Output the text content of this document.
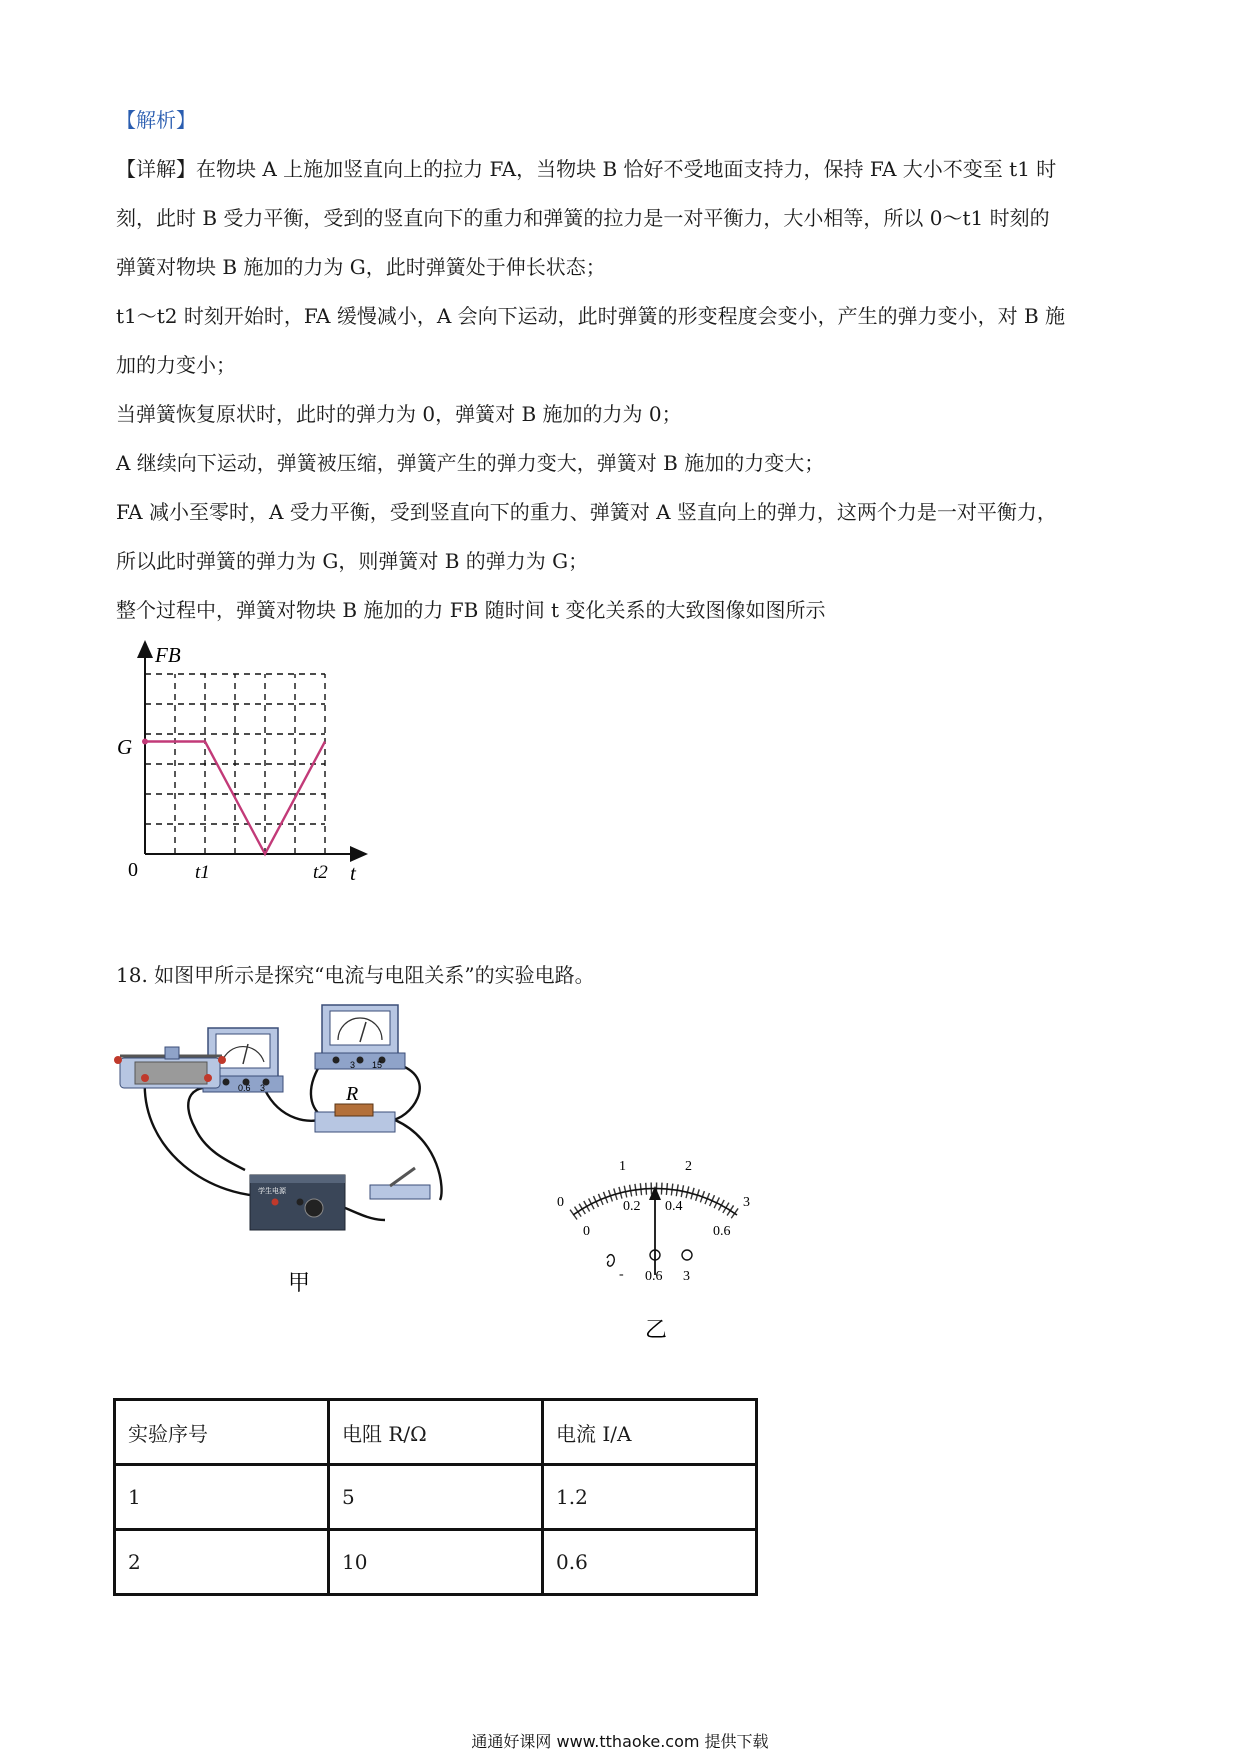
【解析】
【详解】在物块 A 上施加竖直向上的拉力 FA，当物块 B 恰好不受地面支持力，保持 FA 大小不变至 t1 时
刻，此时 B 受力平衡，受到的竖直向下的重力和弹簧的拉力是一对平衡力，大小相等，所以 0～t1 时刻的
弹簧对物块 B 施加的力为 G，此时弹簧处于伸长状态；
t1～t2 时刻开始时，FA 缓慢减小，A 会向下运动，此时弹簧的形变程度会变小，产生的弹力变小，对 B 施
加的力变小；
当弹簧恢复原状时，此时的弹力为 0，弹簧对 B 施加的力为 0；
A 继续向下运动，弹簧被压缩，弹簧产生的弹力变大，弹簧对 B 施加的力变大；
FA 减小至零时，A 受力平衡，受到竖直向下的重力、弹簧对 A 竖直向上的弹力，这两个力是一对平衡力，
所以此时弹簧的弹力为 G，则弹簧对 B 的弹力为 G；
整个过程中，弹簧对物块 B 施加的力 FB 随时间 t 变化关系的大致图像如图所示
FB
t
0
G
t1	t2
18. 如图甲所示是探究“电流与电阻关系”的实验电路。
0.6 3
3 15
R
学生电源
甲
0
1	2
3
0
0.2 0.4
0.6
- 0.6 3
乙
实验序号	电阻 R/Ω	电流 I/A
1	5	1.2
2	10	0.6
通通好课网 www.tthaoke.com 提供下载
